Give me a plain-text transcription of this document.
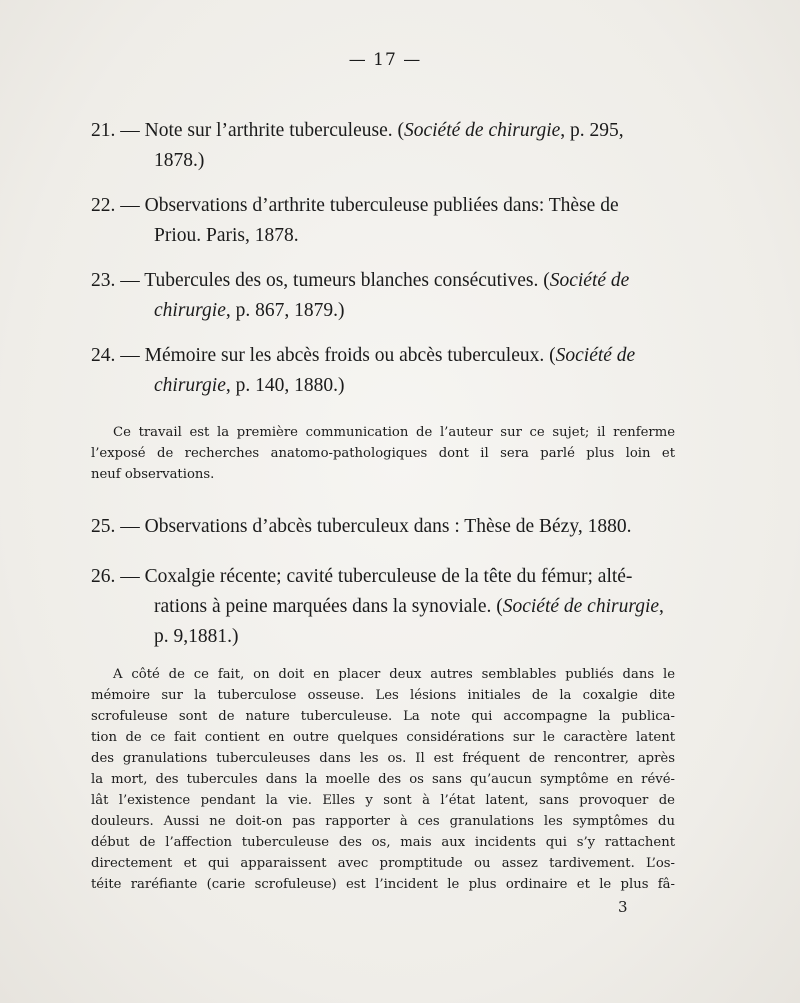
— 17 —
21. — Note sur l’arthrite tuberculeuse. (Société de chirurgie, p. 295,
1878.)
22. — Observations d’arthrite tuberculeuse publiées dans: Thèse de
Priou. Paris, 1878.
23. — Tubercules des os, tumeurs blanches consécutives. (Société de
chirurgie, p. 867, 1879.)
24. — Mémoire sur les abcès froids ou abcès tuberculeux. (Société de
chirurgie, p. 140, 1880.)
Ce travail est la première communication de l’auteur sur ce sujet; il renferme
l’exposé de recherches anatomo-pathologiques dont il sera parlé plus loin et
neuf observations.
25. — Observations d’abcès tuberculeux dans : Thèse de Bézy, 1880.
26. — Coxalgie récente; cavité tuberculeuse de la tête du fémur; alté-
rations à peine marquées dans la synoviale. (Société de chirurgie,
p. 9,1881.)
A côté de ce fait, on doit en placer deux autres semblables publiés dans le
mémoire sur la tuberculose osseuse. Les lésions initiales de la coxalgie dite
scrofuleuse sont de nature tuberculeuse. La note qui accompagne la publica-
tion de ce fait contient en outre quelques considérations sur le caractère latent
des granulations tuberculeuses dans les os. Il est fréquent de rencontrer, après
la mort, des tubercules dans la moelle des os sans qu’aucun symptôme en révé-
lât l’existence pendant la vie. Elles y sont à l’état latent, sans provoquer de
douleurs. Aussi ne doit-on pas rapporter à ces granulations les symptômes du
début de l’affection tuberculeuse des os, mais aux incidents qui s’y rattachent
directement et qui apparaissent avec promptitude ou assez tardivement. L’os-
téite raréfiante (carie scrofuleuse) est l’incident le plus ordinaire et le plus fâ-
3
